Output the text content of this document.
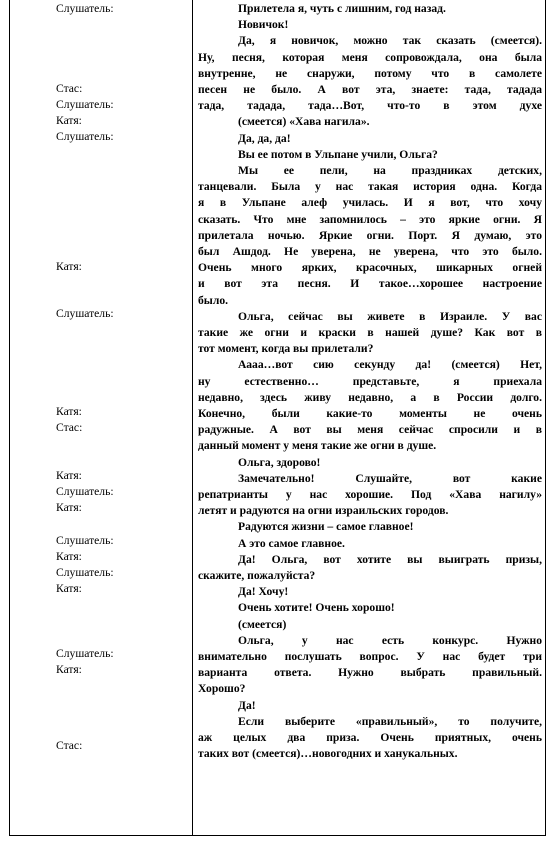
Слушатель:
Стас:
Слушатель:
Катя:
Слушатель:
Катя:
Слушатель:
Катя:
Стас:
Катя:
Слушатель:
Катя:
Слушатель:
Катя:
Слушатель:
Катя:
Слушатель:
Катя:
Стас:
Прилетела я, чуть с лишним, год назад.
Новичок!
Да, я новичок, можно так сказать (смеется).
Ну, песня, которая меня сопровождала, она была
внутренне, не снаружи, потому что в самолете
песен не было. А вот эта, знаете: тада, тадада
тада, тадада, тада…Вот, что-то в этом духе
(смеется) «Хава нагила».
Да, да, да!
Вы ее потом в Ульпане учили, Ольга?
Мы ее пели, на праздниках детских,
танцевали. Была у нас такая история одна. Когда
я в Ульпане алеф училась. И я вот, что хочу
сказать. Что мне запомнилось – это яркие огни. Я
прилетала ночью. Яркие огни. Порт. Я думаю, это
был Ашдод. Не уверена, не уверена, что это было.
Очень много ярких, красочных, шикарных огней
и вот эта песня. И такое…хорошее настроение
было.
Ольга, сейчас вы живете в Израиле. У вас
такие же огни и краски в нашей душе? Как вот в
тот момент, когда вы прилетали?
Аааа…вот сию секунду да! (смеется) Нет,
ну естественно… представьте, я приехала
недавно, здесь живу недавно, а в России долго.
Конечно, были какие-то моменты не очень
радужные. А вот вы меня сейчас спросили и в
данный момент у меня такие же огни в душе.
Ольга, здорово!
Замечательно! Слушайте, вот какие
репатрианты у нас хорошие. Под «Хава нагилу»
летят и радуются на огни израильских городов.
Радуются жизни – самое главное!
А это самое главное.
Да! Ольга, вот хотите вы выиграть призы,
скажите, пожалуйста?
Да! Хочу!
Очень хотите! Очень хорошо!
(смеется)
Ольга, у нас есть конкурс. Нужно
внимательно послушать вопрос. У нас будет три
варианта ответа. Нужно выбрать правильный.
Хорошо?
Да!
Если выберите «правильный», то получите,
аж целых два приза. Очень приятных, очень
таких вот (смеется)…новогодних и ханукальных.
